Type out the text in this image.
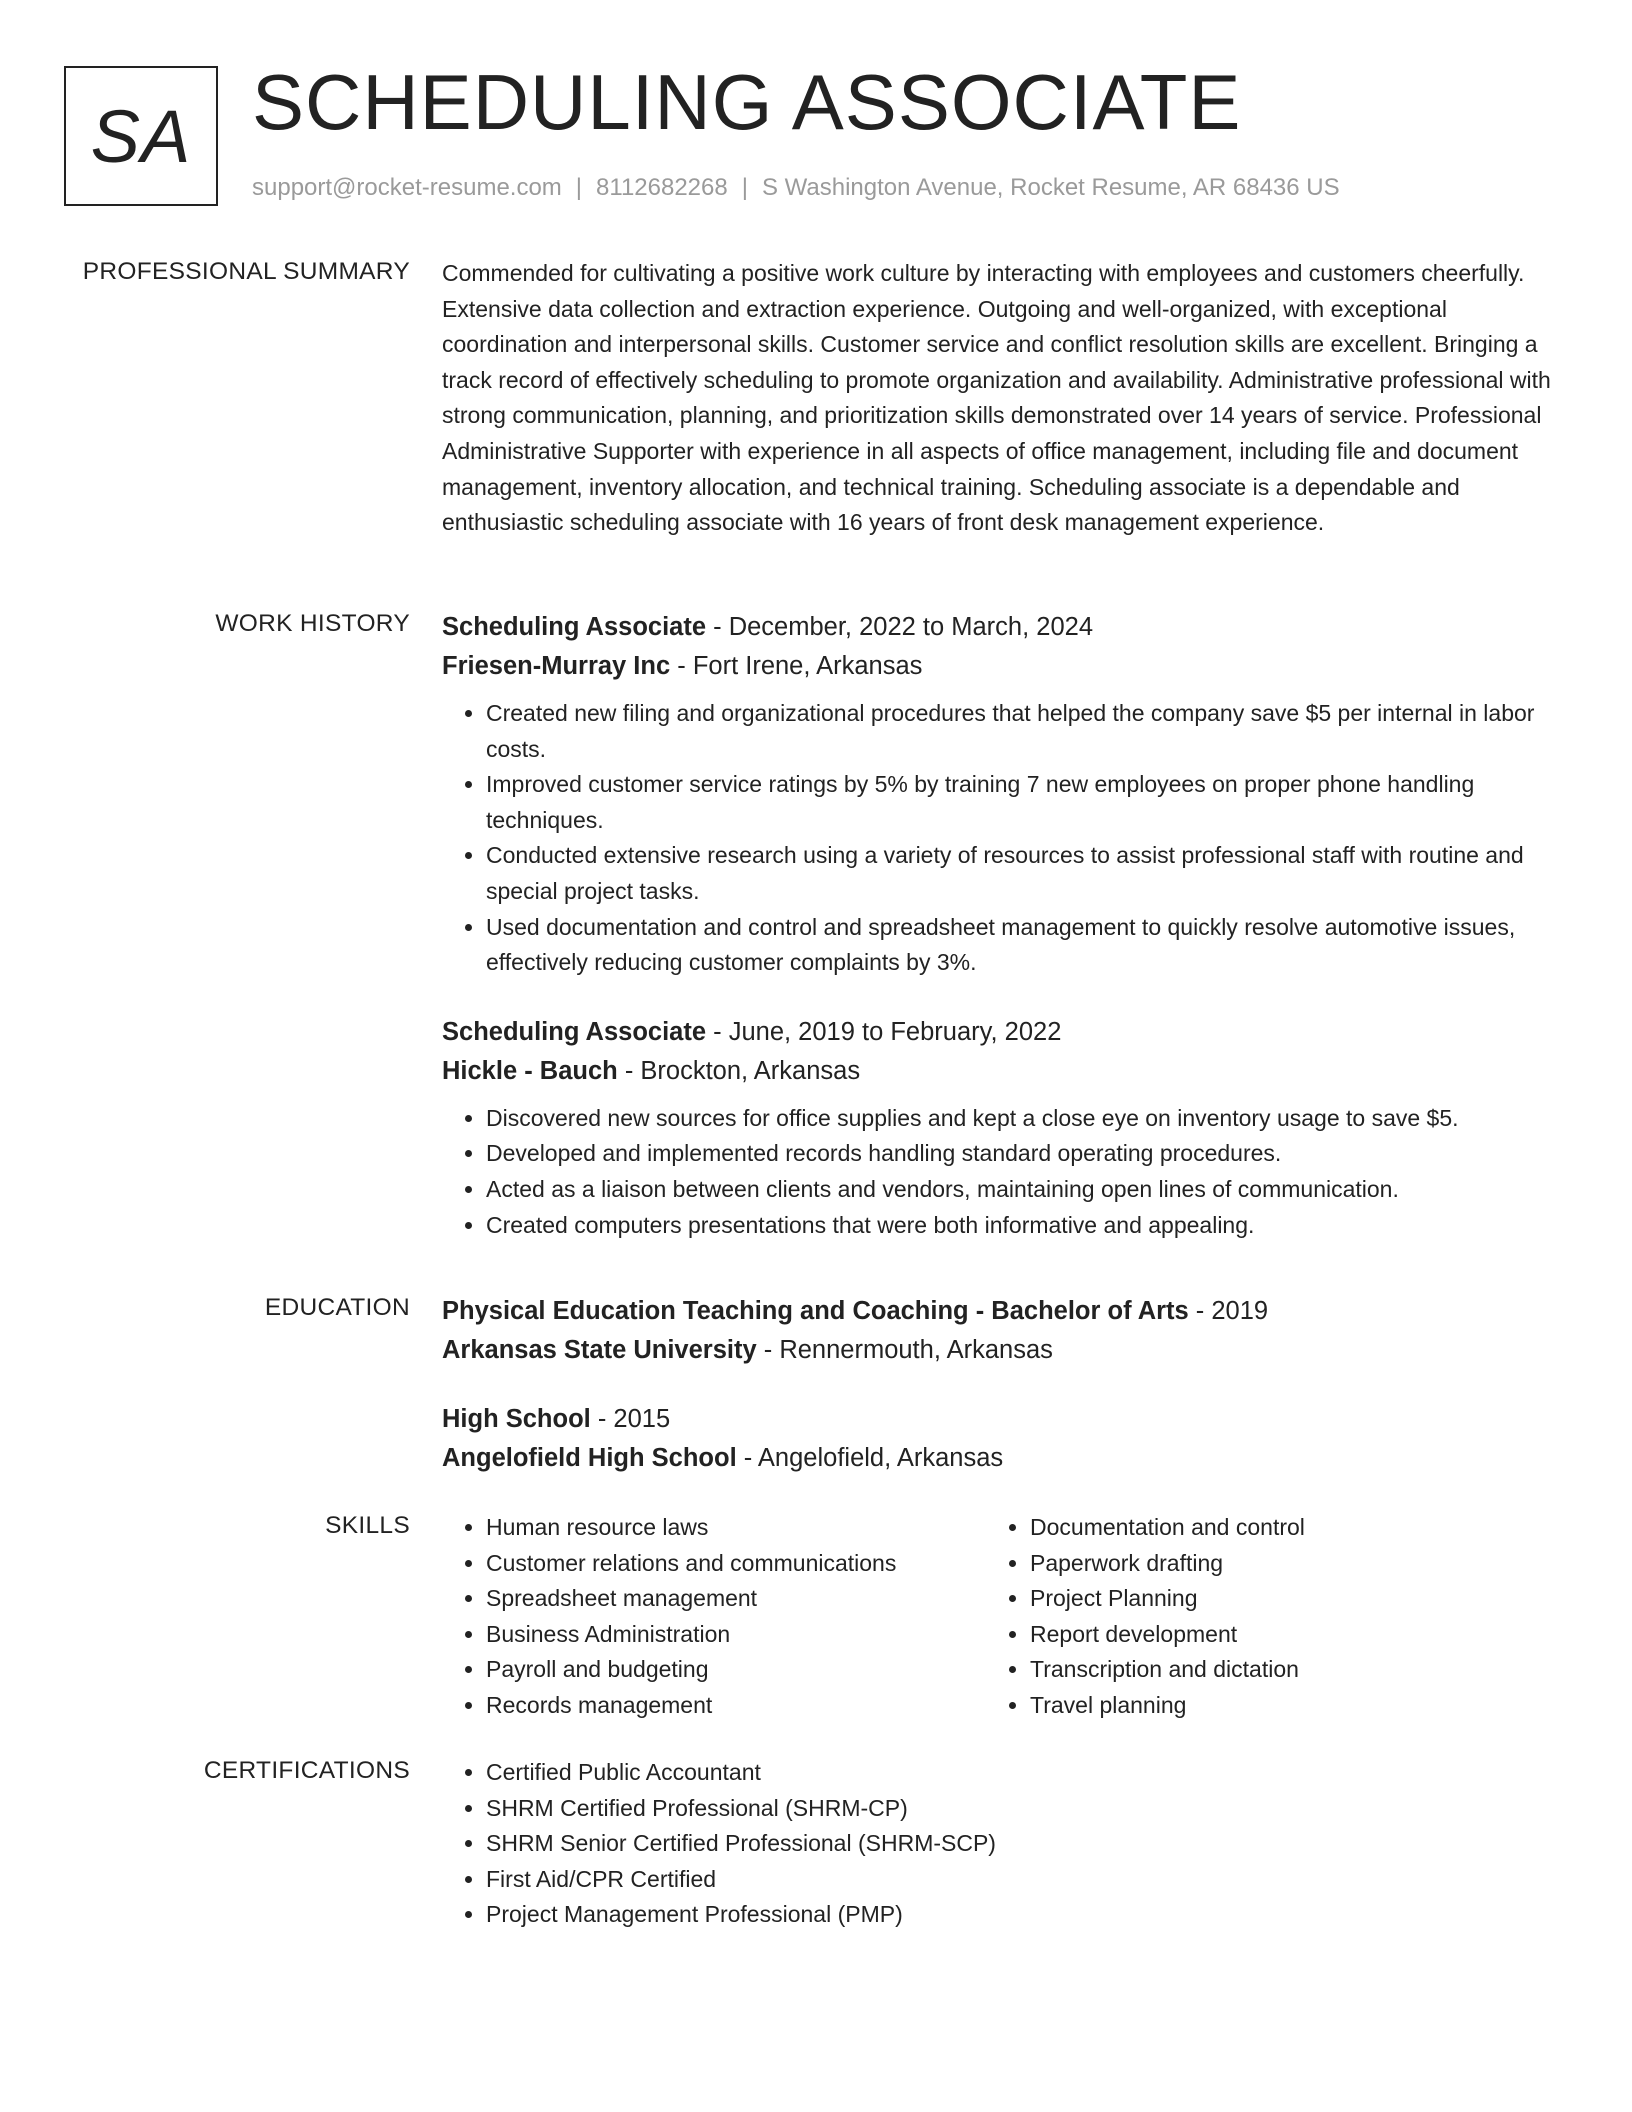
SA SCHEDULING ASSOCIATE
support@rocket-resume.com | 8112682268 | S Washington Avenue, Rocket Resume, AR 68436 US
PROFESSIONAL SUMMARY Commended for cultivating a positive work culture by interacting with employees and customers cheerfully. Extensive data collection and extraction experience. Outgoing and well-organized, with exceptional coordination and interpersonal skills. Customer service and conflict resolution skills are excellent. Bringing a track record of effectively scheduling to promote organization and availability. Administrative professional with strong communication, planning, and prioritization skills demonstrated over 14 years of service. Professional Administrative Supporter with experience in all aspects of office management, including file and document management, inventory allocation, and technical training. Scheduling associate is a dependable and enthusiastic scheduling associate with 16 years of front desk management experience.

WORK HISTORY Scheduling Associate - December, 2022 to March, 2024
Friesen-Murray Inc - Fort Irene, Arkansas
• Created new filing and organizational procedures that helped the company save $5 per internal in labor costs.
• Improved customer service ratings by 5% by training 7 new employees on proper phone handling techniques.
• Conducted extensive research using a variety of resources to assist professional staff with routine and special project tasks.
• Used documentation and control and spreadsheet management to quickly resolve automotive issues, effectively reducing customer complaints by 3%.
Scheduling Associate - June, 2019 to February, 2022
Hickle - Bauch - Brockton, Arkansas
• Discovered new sources for office supplies and kept a close eye on inventory usage to save $5.
• Developed and implemented records handling standard operating procedures.
• Acted as a liaison between clients and vendors, maintaining open lines of communication.
• Created computers presentations that were both informative and appealing.
EDUCATION Physical Education Teaching and Coaching - Bachelor of Arts - 2019
Arkansas State University - Rennermouth, Arkansas
High School - 2015
Angelofield High School - Angelofield, Arkansas
SKILLS	• Human resource laws
• Customer relations and communications
• Spreadsheet management
• Business Administration
• Payroll and budgeting
• Records management
• Documentation and control
• Paperwork drafting
• Project Planning
• Report development
• Transcription and dictation
• Travel planning
CERTIFICATIONS	• Certified Public Accountant
• SHRM Certified Professional (SHRM-CP)
• SHRM Senior Certified Professional (SHRM-SCP)
• First Aid/CPR Certified
• Project Management Professional (PMP)
